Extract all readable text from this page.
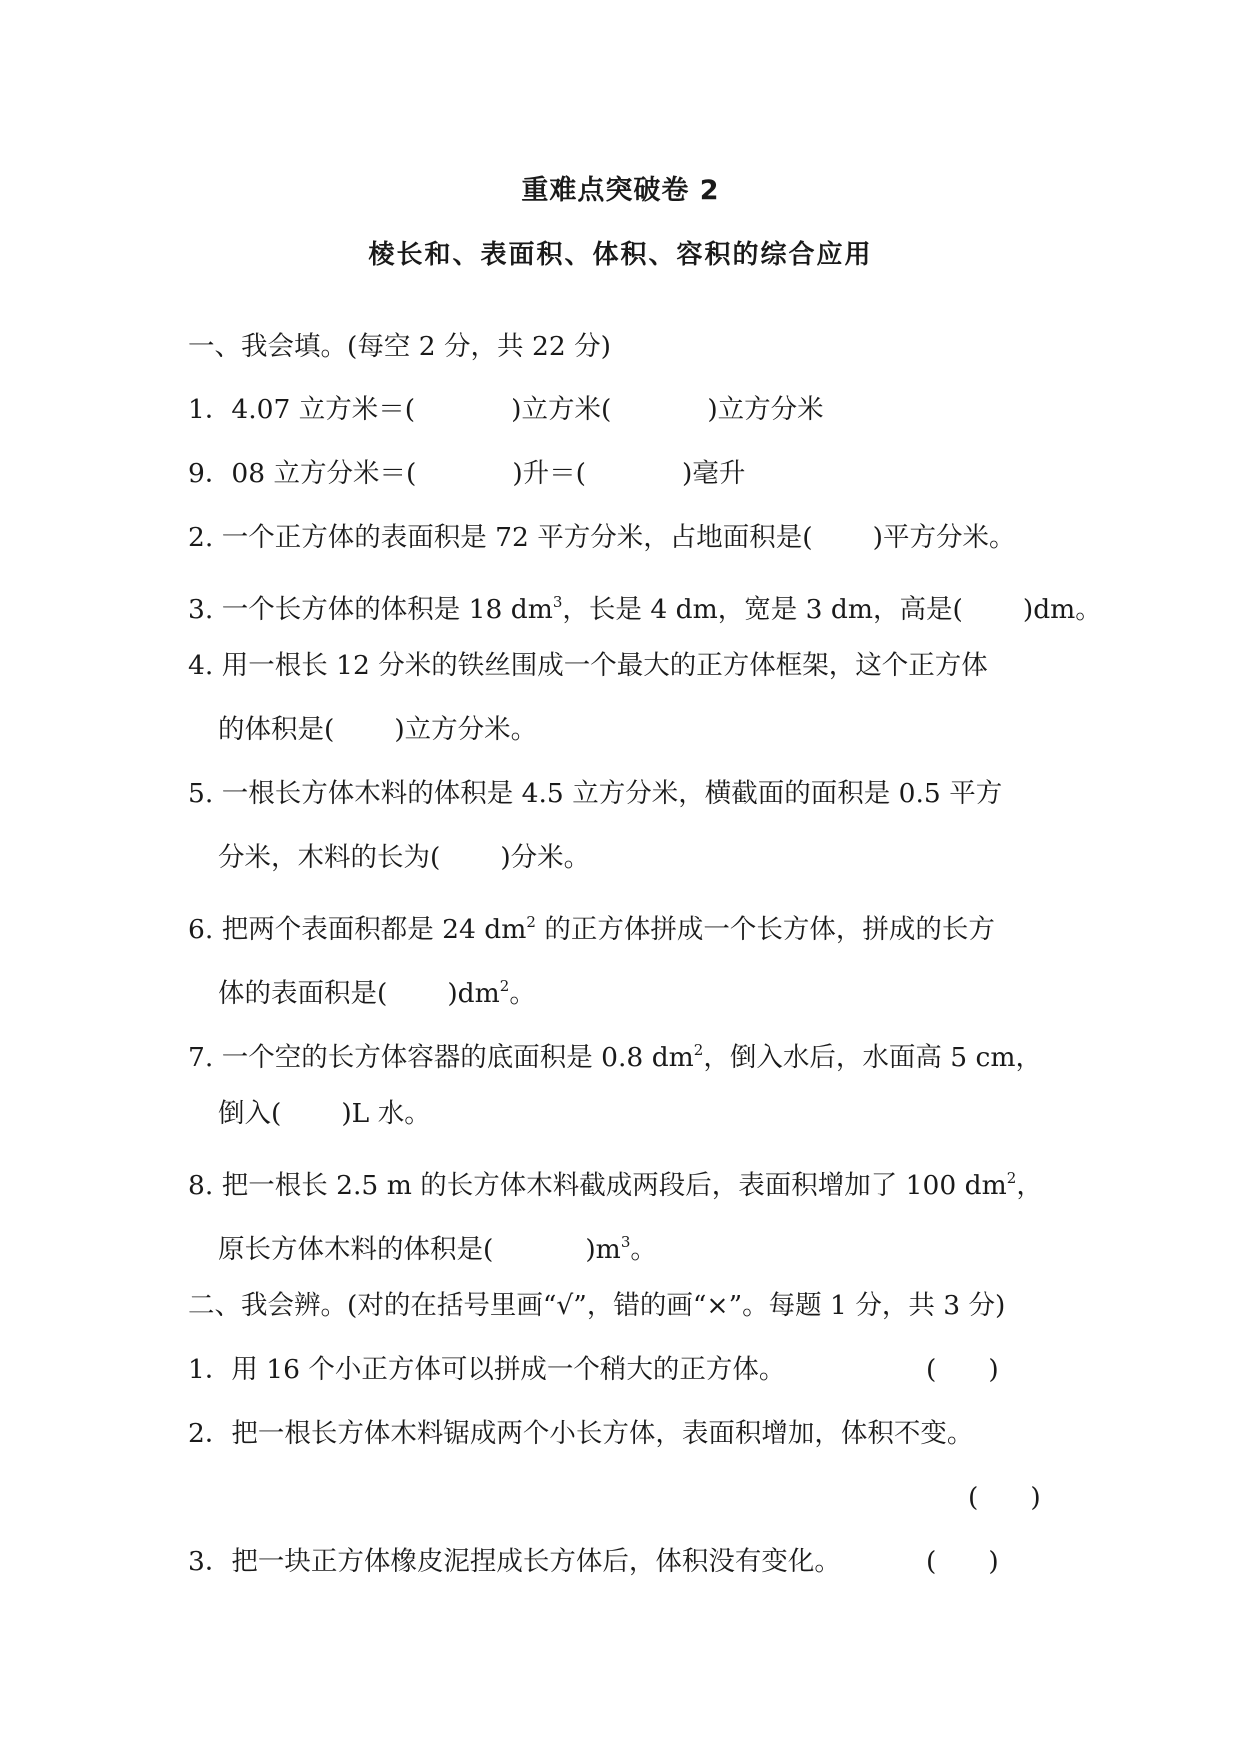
重难点突破卷 2
棱长和、表面积、体积、容积的综合应用
一、我会填。(每空 2 分，共 22 分)
1．4.07 立方米＝(	)立方米(	)立方分米
9．08 立方分米＝(	)升＝(	)毫升
2. 一个正方体的表面积是 72 平方分米，占地面积是( )平方分米。
3. 一个长方体的体积是 18 $dm^3$，长是 4 dm，宽是 3 dm，高是( )dm。
4. 用一根长 12 分米的铁丝围成一个最大的正方体框架，这个正方体
的体积是( )立方分米。
5. 一根长方体木料的体积是 4.5 立方分米，横截面的面积是 0.5 平方
分米，木料的长为( )分米。
6. 把两个表面积都是 24 $dm^2$ 的正方体拼成一个长方体，拼成的长方
体的表面积是( )$dm^2$。
7. 一个空的长方体容器的底面积是 0.8 $dm^2$，倒入水后，水面高 5 cm，
倒入( )L 水。
8. 把一根长 2.5 m 的长方体木料截成两段后，表面积增加了 100 $dm^2$，
原长方体木料的体积是(	)$m^3$。
二、我会辨。(对的在括号里画“√”，错的画“×”。每题 1 分，共 3 分)
1．用 16 个小正方体可以拼成一个稍大的正方体。	( )
2．把一根长方体木料锯成两个小长方体，表面积增加，体积不变。
( )
3．把一块正方体橡皮泥捏成长方体后，体积没有变化。	( )
